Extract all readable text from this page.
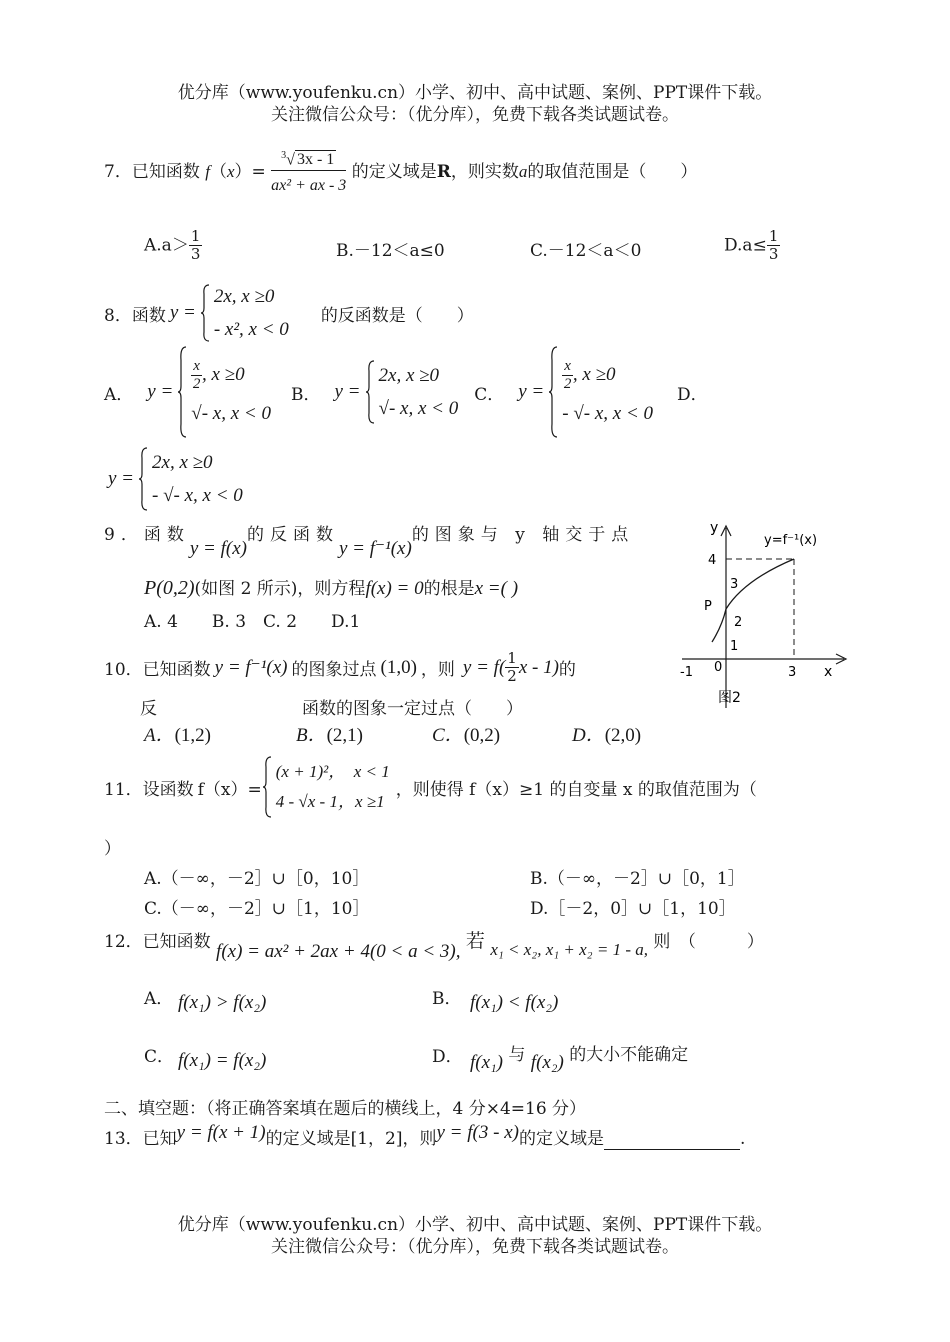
优分库（www.youfenku.cn）小学、初中、高中试题、案例、PPT课件下载。
关注微信公众号：（优分库），免费下载各类试题试卷。
7．已知函数 $f(x)= \frac{^3√ 3x - 1}{\text{ax² + ax - 3}}$ 的定义域是R，则实数a的取值范围是（　　）
$A.a> \frac{1}{3}$	B.－12＜a≤0	C.－12＜a＜0	$D.a\le \frac{1}{3}$
8．函数 y =
2x, x ≥0
- x², x < 0
的反函数是（　　）
A． $y = \frac{x}{2}$ , x ≥0
√- x, x < 0
B． y =
2x, x ≥0
√- x, x < 0
C． $y = \frac{x}{2}$ , x ≥0
- √- x, x < 0
D．
y =
2x, x ≥0
- √- x, x < 0
9．函数y = f(x)的反函数y = f⁻¹(x)的图象与 y 轴交于点
P(0,2)(如图 2 所示)，则方程f(x) = 0的根是x =( )
A. 4　　B. 3　C. 2　　D.1
y
x
y=f⁻¹(x)
4
3
P
2
1
0
-1	3
图2
10．已知函数 y = f⁻¹(x) 的图象过点 (1,0) ，则 $y = f( \frac{1}{2}$ x - 1) 的
反	函数的图象一定过点（　　）
A．(1,2)	B．(2,1)	C．(0,2)	D．(2,0)
11．设函数 f（x）=
(x + 1)²，　x < 1
4 - √x - 1，x ≥1
，则使得 f（x）≥1 的自变量 x 的取值范围为（
）
A.（－∞，－2］∪［0，10］	B.（－∞，－2］∪［0，1］
C.（－∞，－2］∪［1，10］	D.［－2，0］∪［1，10］
12．已知函数 f(x) = ax² + 2ax + 4(0 < a < 3), 若 x₁ < x₂, x₁ + x₂ = 1 - a, 则　（　　　）
A． f(x₁) > f(x₂)	B． f(x₁) < f(x₂)
C． f(x₁) = f(x₂)	D． f(x₁) 与 f(x₂) 的大小不能确定
二、填空题：（将正确答案填在题后的横线上，4 分×4=16 分）
13．已知y = f(x + 1)的定义域是[1，2]，则y = f(3 - x)的定义域是	.
优分库（www.youfenku.cn）小学、初中、高中试题、案例、PPT课件下载。
关注微信公众号：（优分库），免费下载各类试题试卷。
